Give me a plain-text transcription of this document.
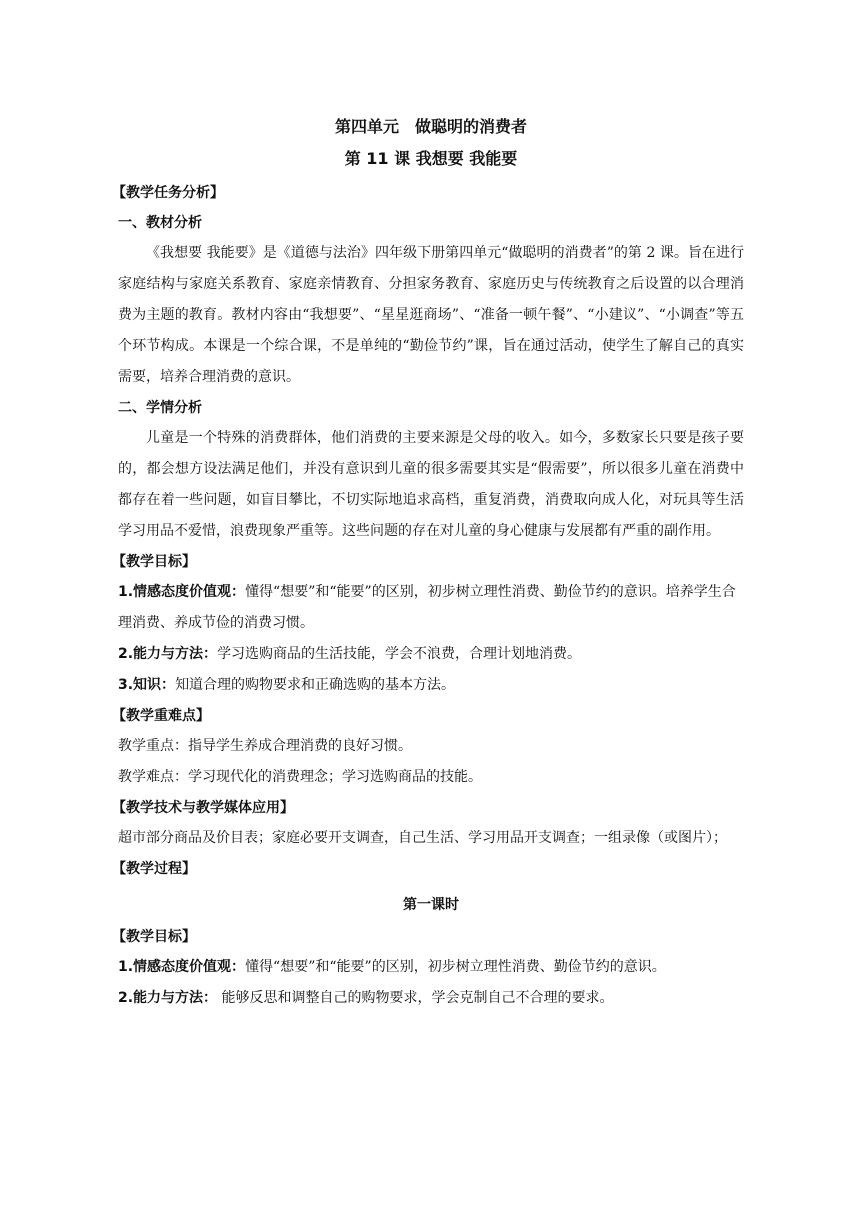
第四单元　做聪明的消费者

第 11 课 我想要 我能要

【教学任务分析】

一、教材分析

《我想要 我能要》是《道德与法治》四年级下册第四单元“做聪明的消费者”的第 2 课。旨在进行家庭结构与家庭关系教育、家庭亲情教育、分担家务教育、家庭历史与传统教育之后设置的以合理消费为主题的教育。教材内容由“我想要”、“星星逛商场”、“准备一顿午餐”、“小建议”、“小调查”等五个环节构成。本课是一个综合课，不是单纯的“勤俭节约”课，旨在通过活动，使学生了解自己的真实需要，培养合理消费的意识。

二、学情分析

儿童是一个特殊的消费群体，他们消费的主要来源是父母的收入。如今，多数家长只要是孩子要的，都会想方设法满足他们，并没有意识到儿童的很多需要其实是“假需要”，所以很多儿童在消费中都存在着一些问题，如盲目攀比，不切实际地追求高档，重复消费，消费取向成人化，对玩具等生活学习用品不爱惜，浪费现象严重等。这些问题的存在对儿童的身心健康与发展都有严重的副作用。

【教学目标】

1.情感态度价值观：懂得“想要”和“能要”的区别，初步树立理性消费、勤俭节约的意识。培养学生合理消费、养成节俭的消费习惯。

2.能力与方法：学习选购商品的生活技能，学会不浪费，合理计划地消费。

3.知识：知道合理的购物要求和正确选购的基本方法。

【教学重难点】

教学重点：指导学生养成合理消费的良好习惯。

教学难点：学习现代化的消费理念；学习选购商品的技能。

【教学技术与教学媒体应用】

超市部分商品及价目表；家庭必要开支调查，自己生活、学习用品开支调查；一组录像（或图片）；

【教学过程】

第一课时

【教学目标】

1.情感态度价值观：懂得“想要”和“能要”的区别，初步树立理性消费、勤俭节约的意识。

2.能力与方法： 能够反思和调整自己的购物要求，学会克制自己不合理的要求。
